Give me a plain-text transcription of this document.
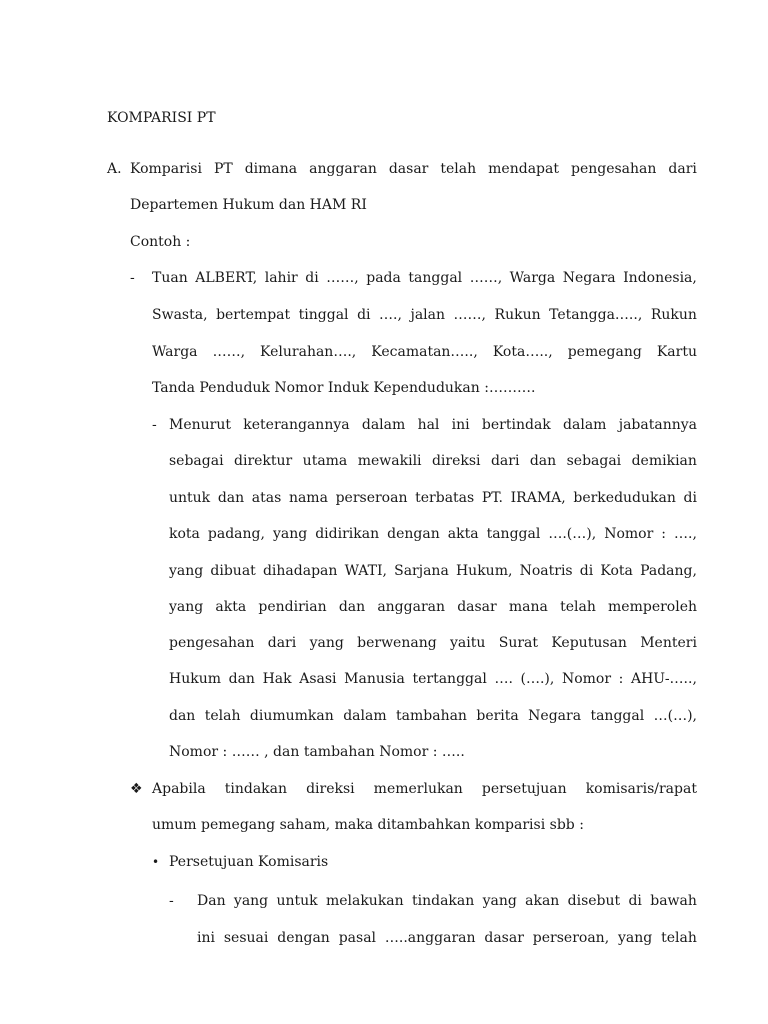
KOMPARISI PT
A. Komparisi PT dimana anggaran dasar telah mendapat pengesahan dari
Departemen Hukum dan HAM RI
Contoh :
- Tuan ALBERT, lahir di ……, pada tanggal ……, Warga Negara Indonesia,
Swasta, bertempat tinggal di …., jalan ……, Rukun Tetangga….., Rukun
Warga ……, Kelurahan…., Kecamatan….., Kota….., pemegang Kartu
Tanda Penduduk Nomor Induk Kependudukan :……….
- Menurut keterangannya dalam hal ini bertindak dalam jabatannya
sebagai direktur utama mewakili direksi dari dan sebagai demikian
untuk dan atas nama perseroan terbatas PT. IRAMA, berkedudukan di
kota padang, yang didirikan dengan akta tanggal ….(…), Nomor : ….,
yang dibuat dihadapan WATI, Sarjana Hukum, Noatris di Kota Padang,
yang akta pendirian dan anggaran dasar mana telah memperoleh
pengesahan dari yang berwenang yaitu Surat Keputusan Menteri
Hukum dan Hak Asasi Manusia tertanggal …. (….), Nomor : AHU-…..,
dan telah diumumkan dalam tambahan berita Negara tanggal …(…),
Nomor : …… , dan tambahan Nomor : …..
❖ Apabila tindakan direksi memerlukan persetujuan komisaris/rapat
umum pemegang saham, maka ditambahkan komparisi sbb :
• Persetujuan Komisaris
- Dan yang untuk melakukan tindakan yang akan disebut di bawah
ini sesuai dengan pasal …..anggaran dasar perseroan, yang telah
